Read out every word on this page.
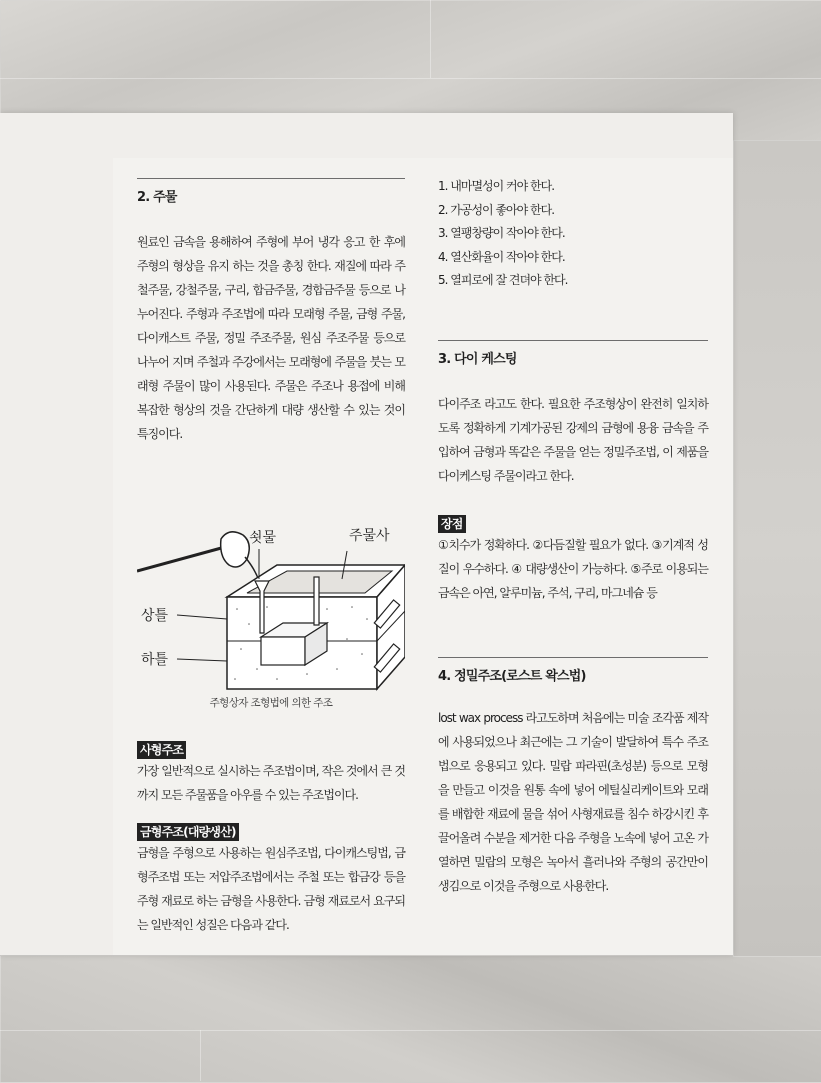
2. 주물

원료인 금속을 용해하여 주형에 부어 냉각 응고 한 후에 주형의 형상을 유지 하는 것을 총칭 한다. 재질에 따라 주철주물, 강철주물, 구리, 합금주물, 경합금주물 등으로 나누어진다. 주형과 주조법에 따라 모래형 주물, 금형 주물, 다이캐스트 주물, 정밀 주조주물, 원심 주조주물 등으로 나누어 지며 주철과 주강에서는 모래형에 주물을 붓는 모래형 주물이 많이 사용된다. 주물은 주조나 용접에 비해 복잡한 형상의 것을 간단하게 대량 생산할 수 있는 것이 특징이다.

쇳물	주물사
상틀
하틀
주형상자 조형법에 의한 주조
사형주조

가장 일반적으로 실시하는 주조법이며, 작은 것에서 큰 것까지 모든 주물품을 아우를 수 있는 주조법이다.

금형주조(대량생산)

금형을 주형으로 사용하는 원심주조법, 다이캐스팅법, 금형주조법 또는 저압주조법에서는 주철 또는 합금강 등을 주형 재료로 하는 금형을 사용한다. 금형 재료로서 요구되는 일반적인 성질은 다음과 같다.

1. 내마멸성이 커야 한다.
2. 가공성이 좋아야 한다.
3. 열팽창량이 작아야 한다.
4. 열산화율이 작아야 한다.
5. 열피로에 잘 견뎌야 한다.
3. 다이 케스팅

다이주조 라고도 한다. 필요한 주조형상이 완전히 일치하도록 정확하게 기계가공된 강제의 금형에 용융 금속을 주입하여 금형과 똑같은 주물을 얻는 정밀주조법, 이 제품을 다이케스팅 주물이라고 한다.

장점

①치수가 정확하다. ②다듬질할 필요가 없다. ③기계적 성질이 우수하다. ④ 대량생산이 가능하다. ⑤주로 이용되는 금속은 아연, 알루미늄, 주석, 구리, 마그네슘 등

4. 정밀주조(로스트 왁스법)

lost wax process 라고도하며 처음에는 미술 조각품 제작에 사용되었으나 최근에는 그 기술이 발달하여 특수 주조법으로 응용되고 있다. 밀랍 파라핀(초성분) 등으로 모형을 만들고 이것을 원통 속에 넣어 에틸실리케이트와 모래를 배합한 재료에 물을 섞어 사형재료를 침수 하강시킨 후 끌어올려 수분을 제거한 다음 주형을 노속에 넣어 고온 가열하면 밀랍의 모형은 녹아서 흘러나와 주형의 공간만이 생김으로 이것을 주형으로 사용한다.
